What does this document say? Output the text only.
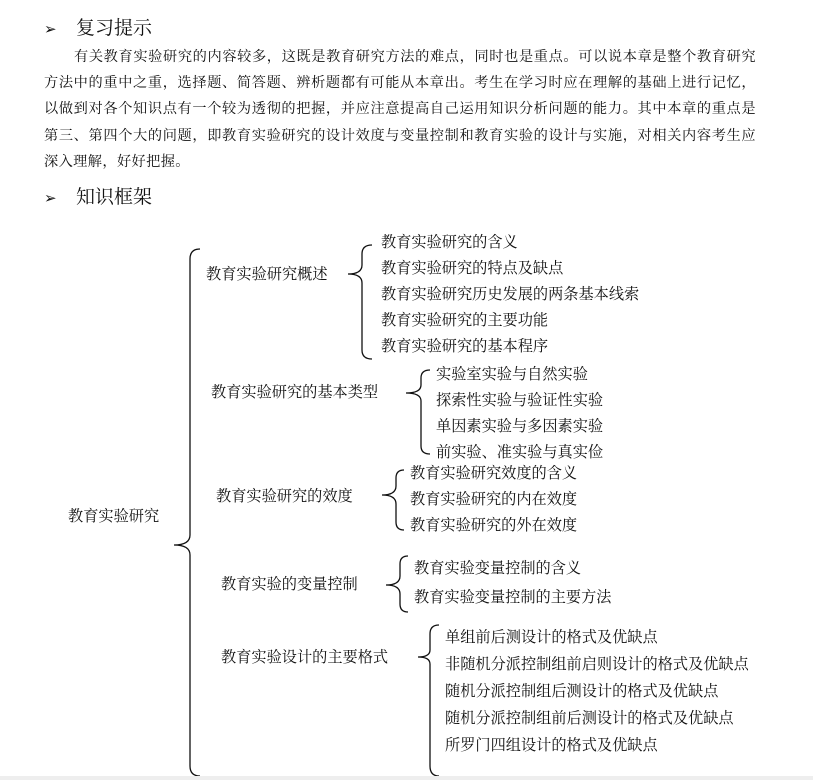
➢ 复习提示
有关教育实验研究的内容较多，这既是教育研究方法的难点，同时也是重点。可以说本章是整个教育研究方法中的重中之重，选择题、简答题、辨析题都有可能从本章出。考生在学习时应在理解的基础上进行记忆，以做到对各个知识点有一个较为透彻的把握，并应注意提高自己运用知识分析问题的能力。其中本章的重点是第三、第四个大的问题，即教育实验研究的设计效度与变量控制和教育实验的设计与实施，对相关内容考生应深入理解，好好把握。
➢ 知识框架
教育实验研究
教育实验研究概述
教育实验研究的含义
教育实验研究的特点及缺点
教育实验研究历史发展的两条基本线索
教育实验研究的主要功能
教育实验研究的基本程序
教育实验研究的基本类型
实验室实验与自然实验
探索性实验与验证性实验
单因素实验与多因素实验
前实验、准实验与真实俭
教育实验研究的效度
教育实验研究效度的含义
教育实验研究的内在效度
教育实验研究的外在效度
教育实验的变量控制
教育实验变量控制的含义
教育实验变量控制的主要方法
教育实验设计的主要格式
单组前后测设计的格式及优缺点
非随机分派控制组前启则设计的格式及优缺点
随机分派控制组后测设计的格式及优缺点
随机分派控制组前后测设计的格式及优缺点
所罗门四组设计的格式及优缺点
